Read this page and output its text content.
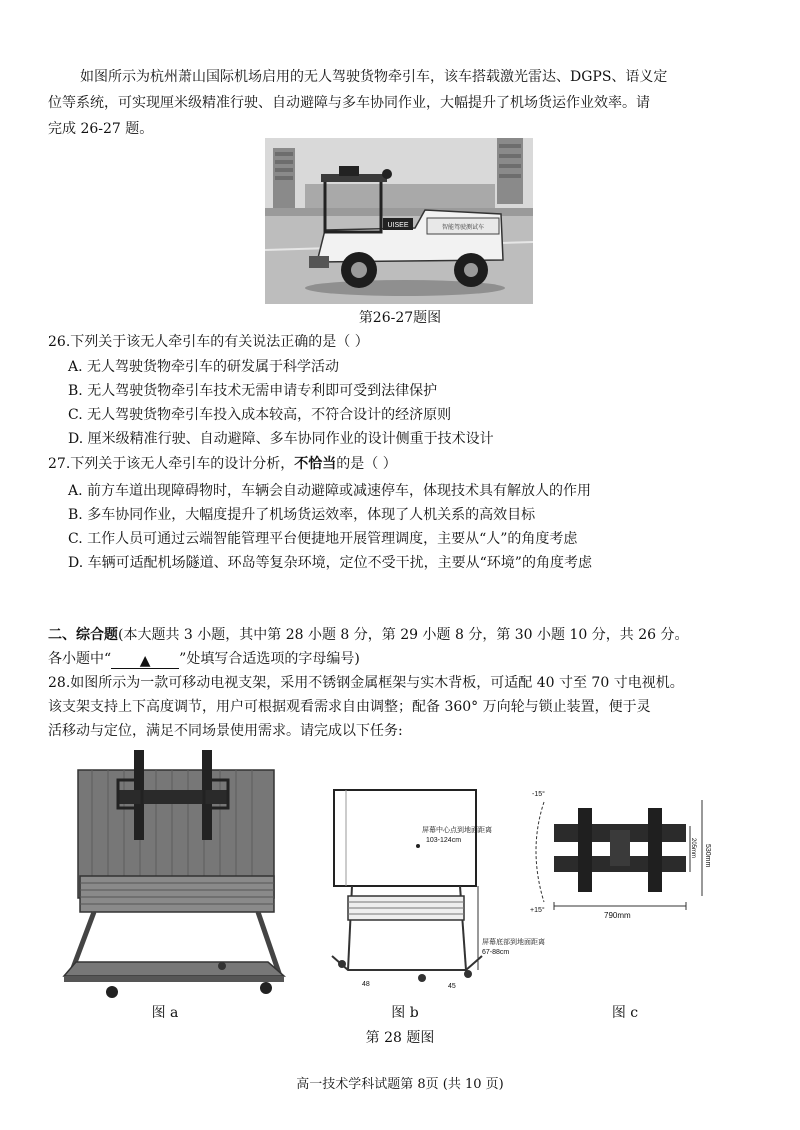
如图所示为杭州萧山国际机场启用的无人驾驶货物牵引车，该车搭载激光雷达、DGPS、语义定
位等系统，可实现厘米级精准行驶、自动避障与多车协同作业，大幅提升了机场货运作业效率。请
完成 26-27 题。
UISEE	智能驾驶测试车
第26-27题图
26.下列关于该无人牵引车的有关说法正确的是（ ）
A. 无人驾驶货物牵引车的研发属于科学活动
B. 无人驾驶货物牵引车技术无需申请专利即可受到法律保护
C. 无人驾驶货物牵引车投入成本较高，不符合设计的经济原则
D. 厘米级精准行驶、自动避障、多车协同作业的设计侧重于技术设计
27.下列关于该无人牵引车的设计分析，不恰当的是（ ）
A. 前方车道出现障碍物时，车辆会自动避障或减速停车，体现技术具有解放人的作用
B. 多车协同作业，大幅度提升了机场货运效率，体现了人机关系的高效目标
C. 工作人员可通过云端智能管理平台便捷地开展管理调度，主要从“人”的角度考虑
D. 车辆可适配机场隧道、环岛等复杂环境，定位不受干扰，主要从“环境”的角度考虑
二、综合题(本大题共 3 小题，其中第 28 小题 8 分，第 29 小题 8 分，第 30 小题 10 分，共 26 分。
各小题中“ ▲ ”处填写合适选项的字母编号)
28.如图所示为一款可移动电视支架，采用不锈钢金属框架与实木背板，可适配 40 寸至 70 寸电视机。
该支架支持上下高度调节，用户可根据观看需求自由调整；配备 360° 万向轮与锁止装置，便于灵
活移动与定位，满足不同场景使用需求。请完成以下任务:
屏幕中心点到地面距离
103-124cm
屏幕底部到地面距离
67-88cm
48	45
-15°
+15°
790mm
530mm
205mm
图 a	图 b	图 c
第 28 题图
高一技术学科试题第 8页 (共 10 页)
